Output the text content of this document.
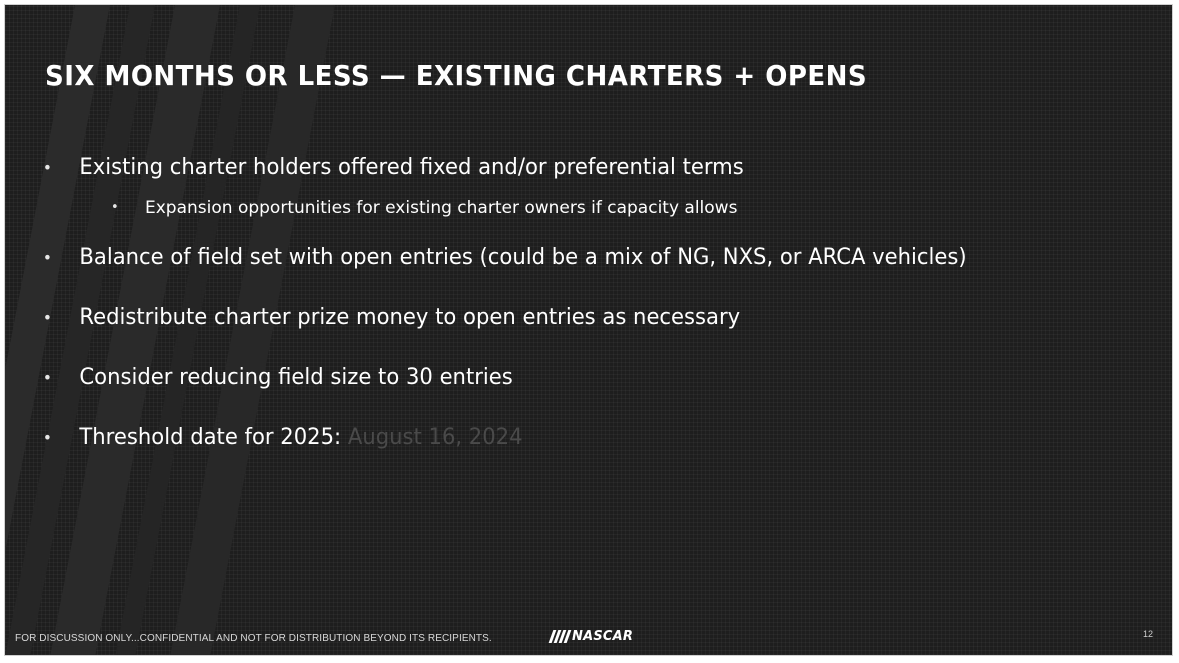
SIX MONTHS OR LESS — EXISTING CHARTERS + OPENS
• Existing charter holders offered fixed and/or preferential terms
• Expansion opportunities for existing charter owners if capacity allows
• Balance of field set with open entries (could be a mix of NG, NXS, or ARCA vehicles)
• Redistribute charter prize money to open entries as necessary
• Consider reducing field size to 30 entries
• Threshold date for 2025: August 16, 2024
FOR DISCUSSION ONLY...CONFIDENTIAL AND NOT FOR DISTRIBUTION BEYOND ITS RECIPIENTS.	NASCAR	12
